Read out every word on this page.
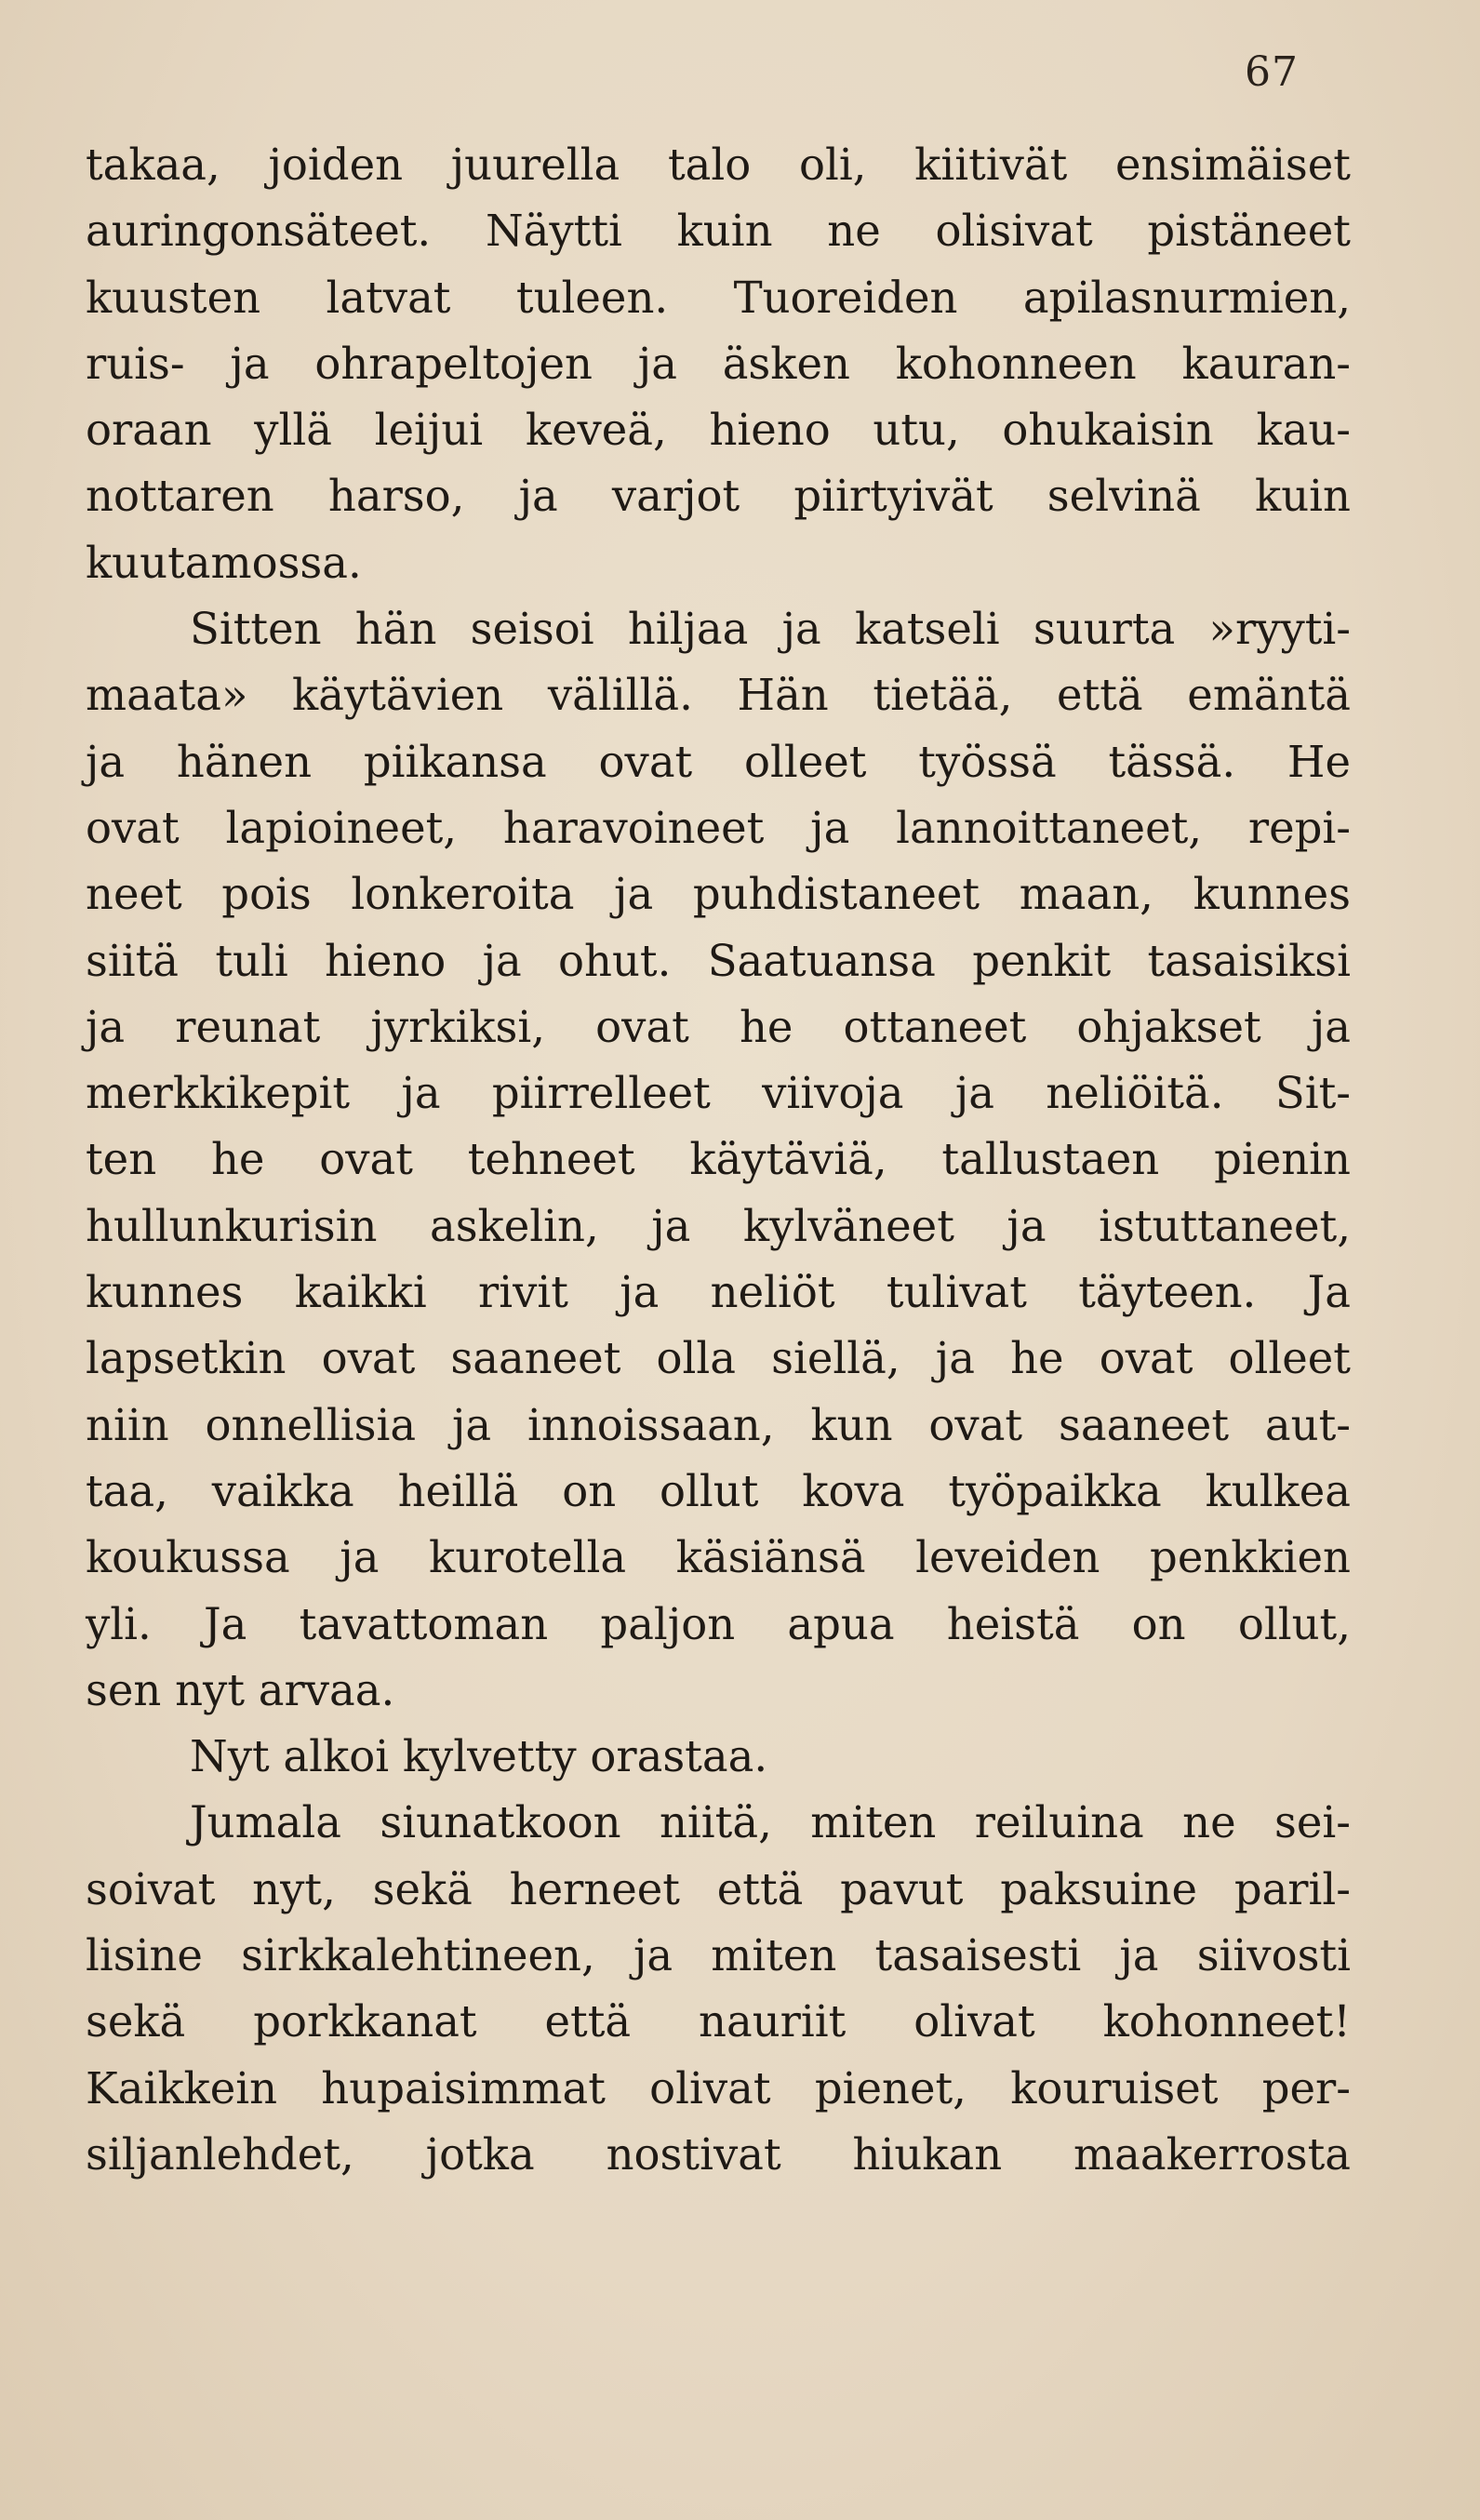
67
takaa, joiden juurella talo oli, kiitivät ensimäiset
auringonsäteet. Näytti kuin ne olisivat pistäneet
kuusten latvat tuleen. Tuoreiden apilasnurmien,
ruis- ja ohrapeltojen ja äsken kohonneen kauran-
oraan yllä leijui keveä, hieno utu, ohukaisin kau-
nottaren harso, ja varjot piirtyivät selvinä kuin
kuutamossa.
Sitten hän seisoi hiljaa ja katseli suurta »ryyti-
maata» käytävien välillä. Hän tietää, että emäntä
ja hänen piikansa ovat olleet työssä tässä. He
ovat lapioineet, haravoineet ja lannoittaneet, repi-
neet pois lonkeroita ja puhdistaneet maan, kunnes
siitä tuli hieno ja ohut. Saatuansa penkit tasaisiksi
ja reunat jyrkiksi, ovat he ottaneet ohjakset ja
merkkikepit ja piirrelleet viivoja ja neliöitä. Sit-
ten he ovat tehneet käytäviä, tallustaen pienin
hullunkurisin askelin, ja kylväneet ja istuttaneet,
kunnes kaikki rivit ja neliöt tulivat täyteen. Ja
lapsetkin ovat saaneet olla siellä, ja he ovat olleet
niin onnellisia ja innoissaan, kun ovat saaneet aut-
taa, vaikka heillä on ollut kova työpaikka kulkea
koukussa ja kurotella käsiänsä leveiden penkkien
yli. Ja tavattoman paljon apua heistä on ollut,
sen nyt arvaa.
Nyt alkoi kylvetty orastaa.
Jumala siunatkoon niitä, miten reiluina ne sei-
soivat nyt, sekä herneet että pavut paksuine paril-
lisine sirkkalehtineen, ja miten tasaisesti ja siivosti
sekä porkkanat että nauriit olivat kohonneet!
Kaikkein hupaisimmat olivat pienet, kouruiset per-
siljanlehdet, jotka nostivat hiukan maakerrosta
